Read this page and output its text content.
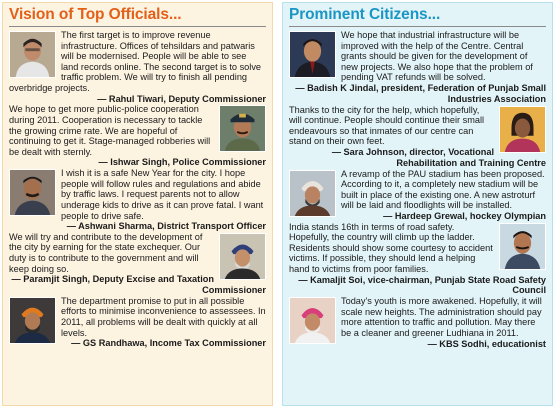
Vision of Top Officials...

The first target is to improve revenue infrastructure. Offices of tehsildars and patwaris will be modernised. People will be able to see land records online. The second target is to solve traffic problem. We will try to finish all pending overbridge projects.

— Rahul Tiwari, Deputy Commissioner

We hope to get more public-police cooperation during 2011. Cooperation is necessary to tackle the growing crime rate. We are hopeful of continuing to get it. Stage-managed robberies will be dealt with sternly.

— Ishwar Singh, Police Commissioner

I wish it is a safe New Year for the city. I hope people will follow rules and regulations and abide by traffic laws. I request parents not to allow underage kids to drive as it can prove fatal. I want people to drive safe.

— Ashwani Sharma, District Transport Officer

We will try and contribute to the development of the city by earning for the state exchequer. Our duty is to contribute to the government and will keep doing so.

— Paramjit Singh, Deputy Excise and Taxation Commissioner

The department promise to put in all possible efforts to minimise inconvenience to assessees. In 2011, all problems will be dealt with quickly at all levels.

— GS Randhawa, Income Tax Commissioner

Prominent Citizens...

We hope that industrial infrastructure will be improved with the help of the Centre. Central grants should be given for the development of new projects. We also hope that the problem of pending VAT refunds will be solved.

— Badish K Jindal, president, Federation of Punjab Small Industries Association

Thanks to the city for the help, which hopefully, will continue. People should continue their small endeavours so that inmates of our centre can stand on their own feet.

— Sara Johnson, director, Vocational Rehabilitation and Training Centre

A revamp of the PAU stadium has been proposed. According to it, a completely new stadium will be built in place of the existing one. A new astroturf will be laid and floodlights will be installed.

— Hardeep Grewal, hockey Olympian

India stands 16th in terms of road safety. Hopefully, the country will climb up the ladder. Residents should show some courtesy to accident victims. If possible, they should lend a helping hand to victims from poor families.

— Kamaljit Soi, vice-chairman, Punjab State Road Safety Council

Today's youth is more awakened. Hopefully, it will scale new heights. The administration should pay more attention to traffic and pollution. May there be a cleaner and greener Ludhiana in 2011.

— KBS Sodhi, educationist
